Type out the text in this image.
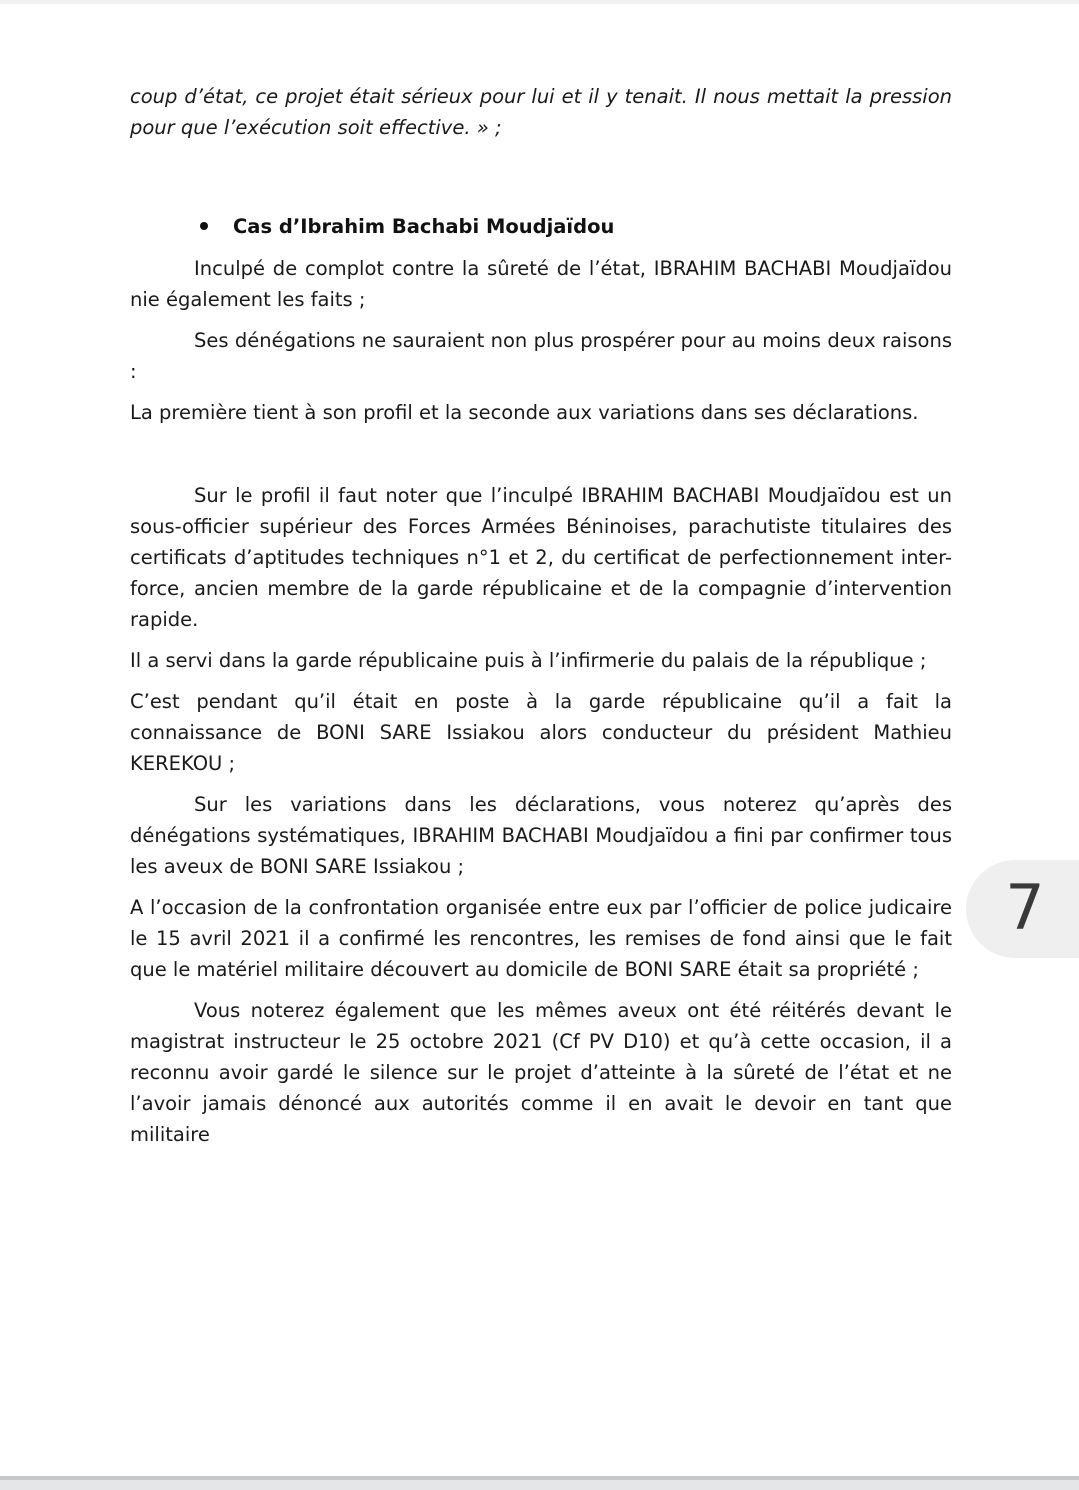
coup d’état, ce projet était sérieux pour lui et il y tenait. Il nous mettait la pression pour que l’exécution soit effective. » ;

Cas d’Ibrahim Bachabi Moudjaïdou

Inculpé de complot contre la sûreté de l’état, IBRAHIM BACHABI Moudjaïdou nie également les faits ;

Ses dénégations ne sauraient non plus prospérer pour au moins deux raisons :

La première tient à son profil et la seconde aux variations dans ses déclarations.

Sur le profil il faut noter que l’inculpé IBRAHIM BACHABI Moudjaïdou est un sous-officier supérieur des Forces Armées Béninoises, parachutiste titulaires des certificats d’aptitudes techniques n°1 et 2, du certificat de perfectionnement inter-force, ancien membre de la garde républicaine et de la compagnie d’intervention rapide.

Il a servi dans la garde républicaine puis à l’infirmerie du palais de la république ;

C’est pendant qu’il était en poste à la garde républicaine qu’il a fait la connaissance de BONI SARE Issiakou alors conducteur du président Mathieu KEREKOU ;

Sur les variations dans les déclarations, vous noterez qu’après des dénégations systématiques, IBRAHIM BACHABI Moudjaïdou a fini par confirmer tous les aveux de BONI SARE Issiakou ;

A l’occasion de la confrontation organisée entre eux par l’officier de police judicaire le 15 avril 2021 il a confirmé les rencontres, les remises de fond ainsi que le fait que le matériel militaire découvert au domicile de BONI SARE était sa propriété ;

Vous noterez également que les mêmes aveux ont été réitérés devant le magistrat instructeur le 25 octobre 2021 (Cf PV D10) et qu’à cette occasion, il a reconnu avoir gardé le silence sur le projet d’atteinte à la sûreté de l’état et ne l’avoir jamais dénoncé aux autorités comme il en avait le devoir en tant que militaire

7
